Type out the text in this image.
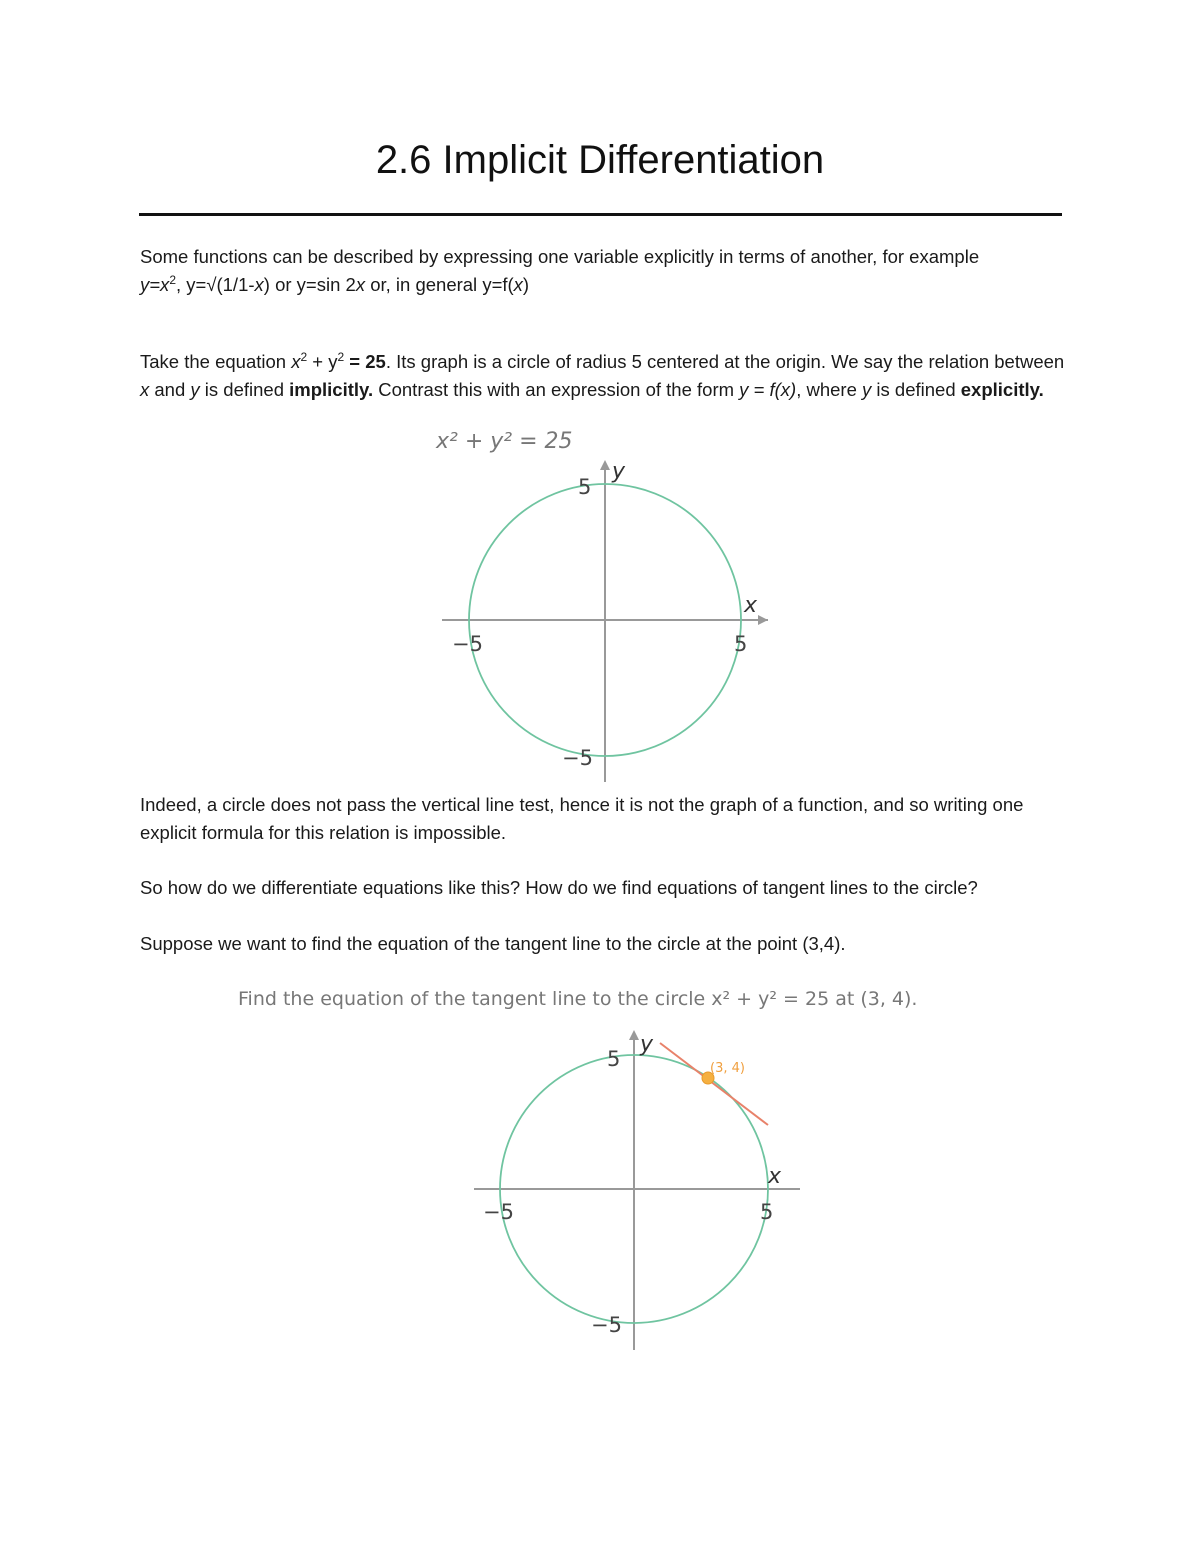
2.6 Implicit Differentiation
Some functions can be described by expressing one variable explicitly in terms of another, for example
$y=x^2$, y=√(1/1-x) or y=sin 2x or, in general y=f(x)
Take the equation $x^2 + y^2 = 25$. Its graph is a circle of radius 5 centered at the origin. We say the relation between x and y is defined implicitly. Contrast this with an expression of the form y = f(x), where y is defined explicitly.
Indeed, a circle does not pass the vertical line test, hence it is not the graph of a function, and so writing one explicit formula for this relation is impossible.
So how do we differentiate equations like this? How do we find equations of tangent lines to the circle?
Suppose we want to find the equation of the tangent line to the circle at the point (3,4).
x² + y² = 25
y
x
5
−5
−5	5
Find the equation of the tangent line to the circle x² + y² = 25 at (3, 4).
(3, 4)
y
x
5
−5
−5	5
